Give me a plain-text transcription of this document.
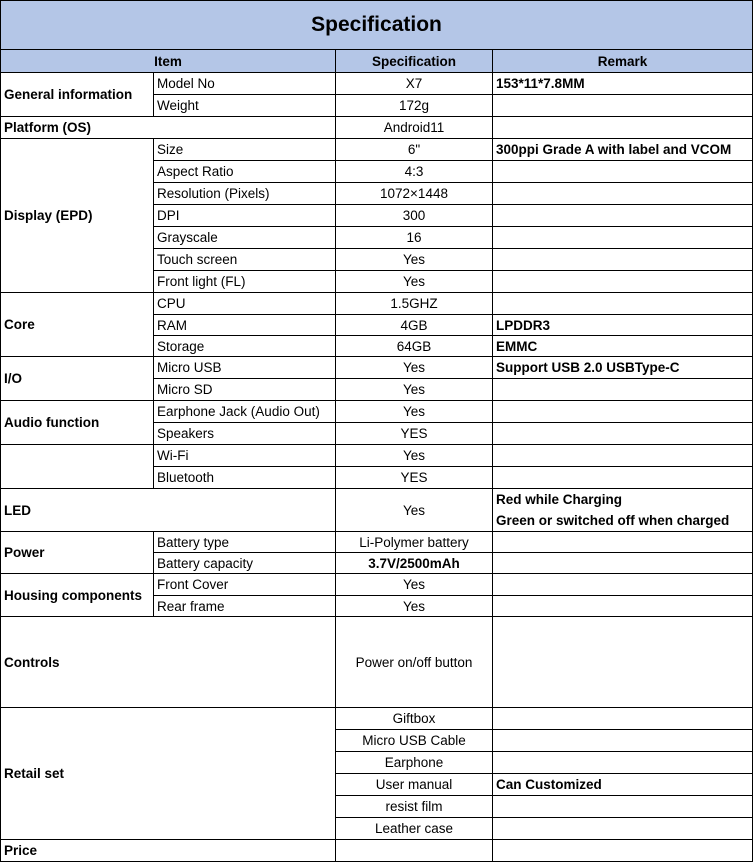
Specification			
Item		Specification	Remark
General information	Model No	X7	153*11*7.8MM
	Weight	172g	
Platform (OS)		Android11	
Display (EPD)	Size	6"	300ppi Grade A with label and VCOM
	Aspect Ratio	4:3	
	Resolution (Pixels)	1072×1448	
	DPI	300	
	Grayscale	16	
	Touch screen	Yes	
	Front light (FL)	Yes	
Core	CPU	1.5GHZ	
	RAM	4GB	LPDDR3
	Storage	64GB	EMMC
I/O	Micro USB	Yes	Support USB 2.0 USBType-C
	Micro SD	Yes	
Audio function	Earphone Jack (Audio Out)	Yes	
	Speakers	YES	
	Wi-Fi	Yes	
	Bluetooth	YES	
LED		Yes	Red while Charging
Green or switched off when charged

Power	Battery type	Li-Polymer battery	
	Battery capacity	3.7V/2500mAh	
Housing components	Front Cover	Yes	
	Rear frame	Yes	
Controls		Power on/off button	
Retail set		Giftbox	
		Micro USB Cable	
		Earphone	
		User manual	Can Customized
		resist film	
		Leather case	
Price			
